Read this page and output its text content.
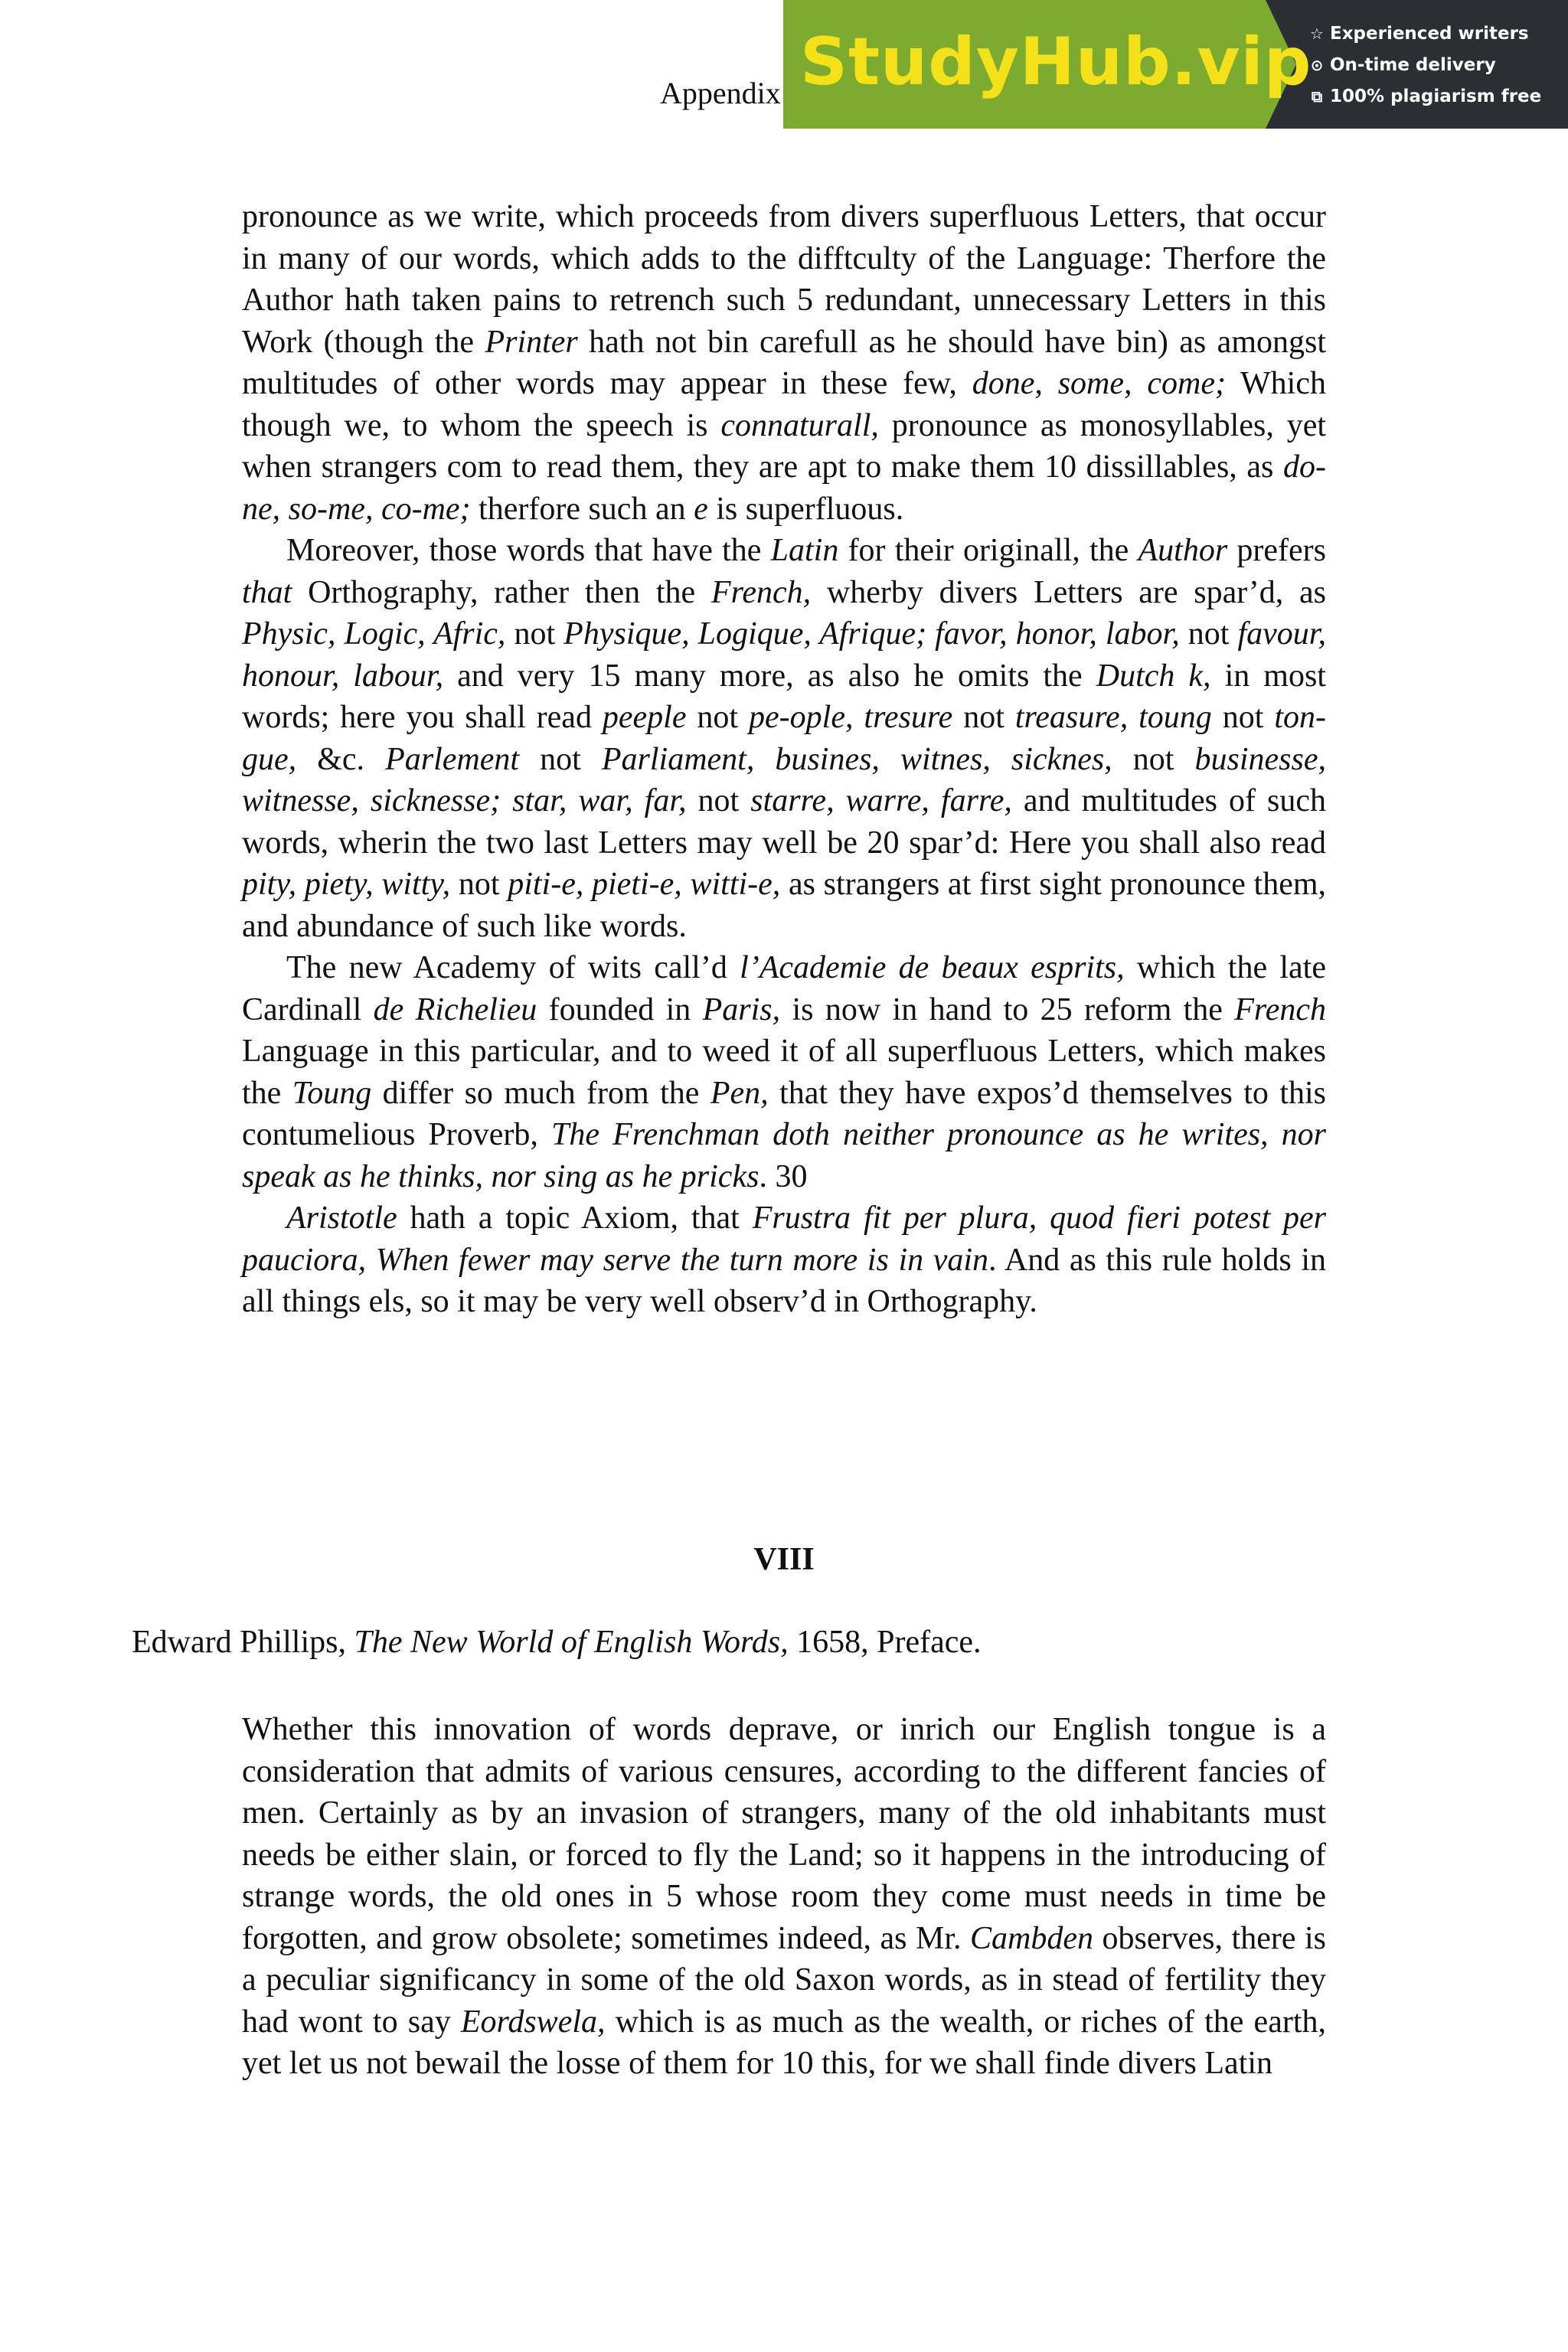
Appendix StudyHub.vip
☆ Experienced writers
⊙ On-time delivery
⧉ 100% plagiarism free

pronounce as we write, which proceeds from divers superfluous Letters, that occur in many of our words, which adds to the difftculty of the Language: Therfore the Author hath taken pains to retrench such 5 redundant, unnecessary Letters in this Work (though the Printer hath not bin carefull as he should have bin) as amongst multitudes of other words may appear in these few, done, some, come; Which though we, to whom the speech is connaturall, pronounce as monosyllables, yet when strangers com to read them, they are apt to make them 10 dissillables, as do-ne, so-me, co-me; therfore such an e is superfluous.

Moreover, those words that have the Latin for their originall, the Author prefers that Orthography, rather then the French, wherby divers Letters are spar’d, as Physic, Logic, Afric, not Physique, Logique, Afrique; favor, honor, labor, not favour, honour, labour, and very 15 many more, as also he omits the Dutch k, in most words; here you shall read peeple not pe-ople, tresure not treasure, toung not ton-gue, &c. Parlement not Parliament, busines, witnes, sicknes, not businesse, witnesse, sicknesse; star, war, far, not starre, warre, farre, and multitudes of such words, wherin the two last Letters may well be 20 spar’d: Here you shall also read pity, piety, witty, not piti-e, pieti-e, witti-e, as strangers at first sight pronounce them, and abundance of such like words.

The new Academy of wits call’d l’Academie de beaux esprits, which the late Cardinall de Richelieu founded in Paris, is now in hand to 25 reform the French Language in this particular, and to weed it of all superfluous Letters, which makes the Toung differ so much from the Pen, that they have expos’d themselves to this contumelious Proverb, The Frenchman doth neither pronounce as he writes, nor speak as he thinks, nor sing as he pricks. 30

Aristotle hath a topic Axiom, that Frustra fit per plura, quod fieri potest per pauciora, When fewer may serve the turn more is in vain. And as this rule holds in all things els, so it may be very well observ’d in Orthography.

VIII
Edward Phillips, The New World of English Words, 1658, Preface.

Whether this innovation of words deprave, or inrich our English tongue is a consideration that admits of various censures, according to the different fancies of men. Certainly as by an invasion of strangers, many of the old inhabitants must needs be either slain, or forced to fly the Land; so it happens in the introducing of strange words, the old ones in 5 whose room they come must needs in time be forgotten, and grow obsolete; sometimes indeed, as Mr. Cambden observes, there is a peculiar significancy in some of the old Saxon words, as in stead of fertility they had wont to say Eordswela, which is as much as the wealth, or riches of the earth, yet let us not bewail the losse of them for 10 this, for we shall finde divers Latin
